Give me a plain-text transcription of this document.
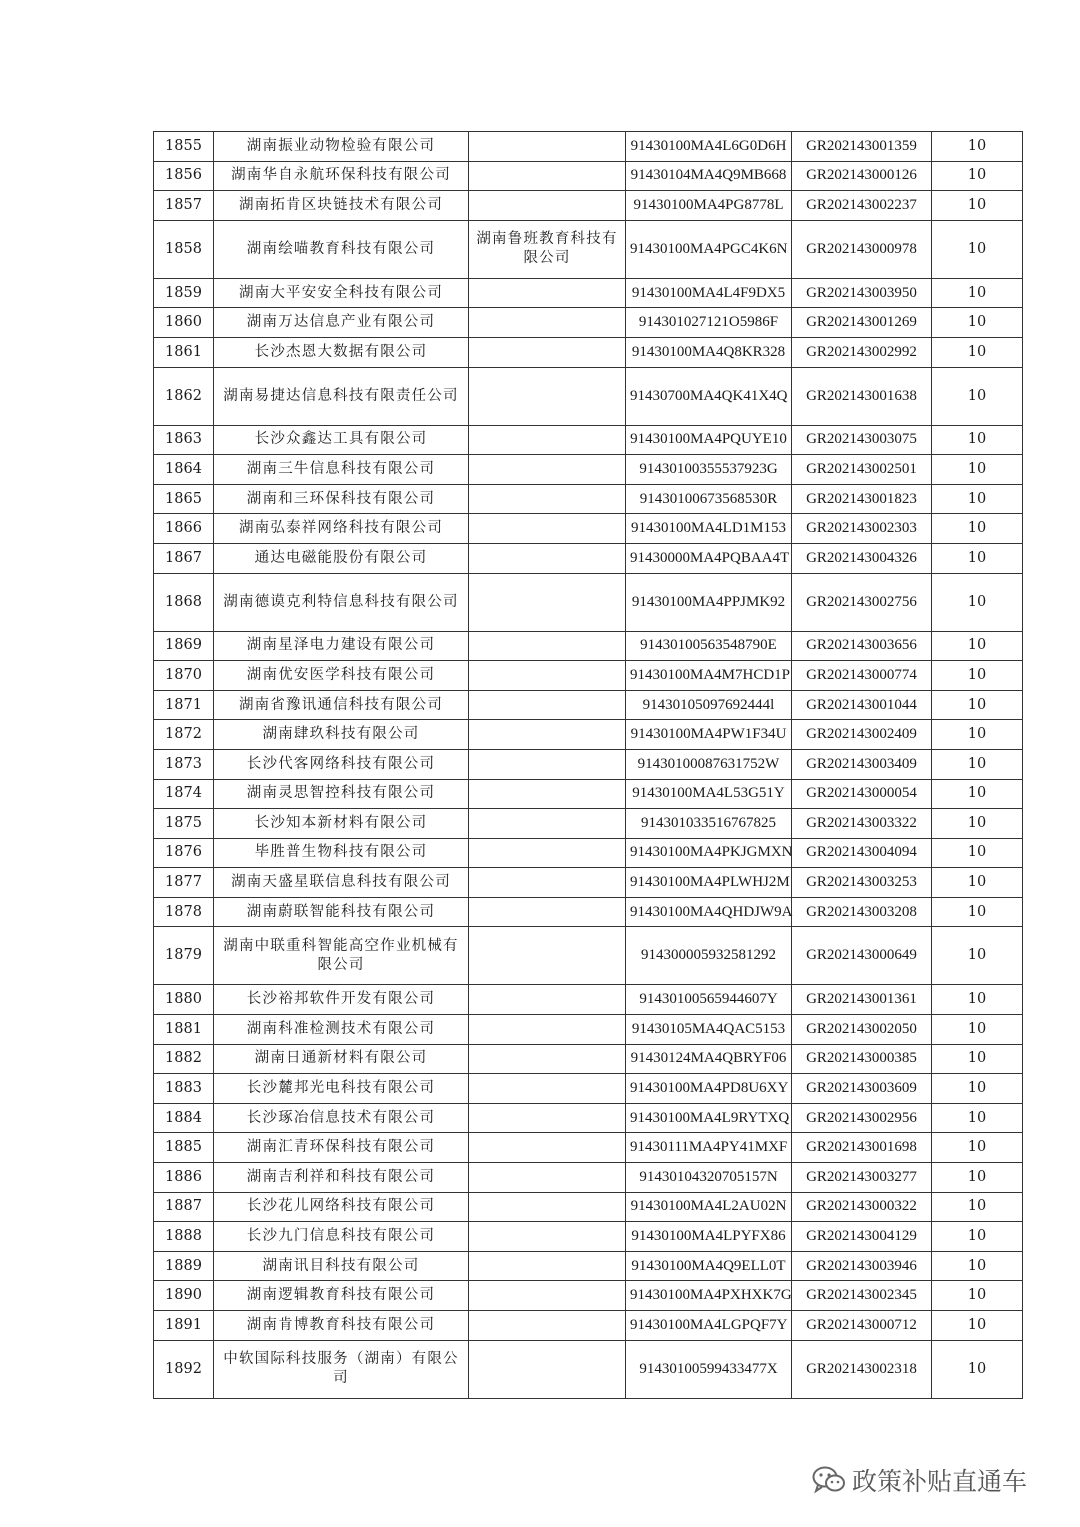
1855	湖南振业动物检验有限公司		91430100MA4L6G0D6H	GR202143001359	10
1856	湖南华自永航环保科技有限公司		91430104MA4Q9MB668	GR202143000126	10
1857	湖南拓肯区块链技术有限公司		91430100MA4PG8778L	GR202143002237	10
1858	湖南绘喵教育科技有限公司	湖南鲁班教育科技有限公司	91430100MA4PGC4K6N	GR202143000978	10
1859	湖南大平安安全科技有限公司		91430100MA4L4F9DX5	GR202143003950	10
1860	湖南万达信息产业有限公司		914301027121O5986F	GR202143001269	10
1861	长沙杰恩大数据有限公司		91430100MA4Q8KR328	GR202143002992	10
1862	湖南易捷达信息科技有限责任公司		91430700MA4QK41X4Q	GR202143001638	10
1863	长沙众鑫达工具有限公司		91430100MA4PQUYE10	GR202143003075	10
1864	湖南三牛信息科技有限公司		91430100355537923G	GR202143002501	10
1865	湖南和三环保科技有限公司		91430100673568530R	GR202143001823	10
1866	湖南弘泰祥网络科技有限公司		91430100MA4LD1M153	GR202143002303	10
1867	通达电磁能股份有限公司		91430000MA4PQBAA4T	GR202143004326	10
1868	湖南德谟克利特信息科技有限公司		91430100MA4PPJMK92	GR202143002756	10
1869	湖南星泽电力建设有限公司		91430100563548790E	GR202143003656	10
1870	湖南优安医学科技有限公司		91430100MA4M7HCD1P	GR202143000774	10
1871	湖南省豫讯通信科技有限公司		91430105097692444l	GR202143001044	10
1872	湖南肆玖科技有限公司		91430100MA4PW1F34U	GR202143002409	10
1873	长沙代客网络科技有限公司		91430100087631752W	GR202143003409	10
1874	湖南灵思智控科技有限公司		91430100MA4L53G51Y	GR202143000054	10
1875	长沙知本新材料有限公司		914301033516767825	GR202143003322	10
1876	毕胜普生物科技有限公司		91430100MA4PKJGMXN	GR202143004094	10
1877	湖南天盛星联信息科技有限公司		91430100MA4PLWHJ2M	GR202143003253	10
1878	湖南蔚联智能科技有限公司		91430100MA4QHDJW9A	GR202143003208	10
1879	湖南中联重科智能高空作业机械有限公司		914300005932581292	GR202143000649	10
1880	长沙裕邦软件开发有限公司		91430100565944607Y	GR202143001361	10
1881	湖南科准检测技术有限公司		91430105MA4QAC5153	GR202143002050	10
1882	湖南日通新材料有限公司		91430124MA4QBRYF06	GR202143000385	10
1883	长沙麓邦光电科技有限公司		91430100MA4PD8U6XY	GR202143003609	10
1884	长沙琢冶信息技术有限公司		91430100MA4L9RYTXQ	GR202143002956	10
1885	湖南汇青环保科技有限公司		91430111MA4PY41MXF	GR202143001698	10
1886	湖南吉利祥和科技有限公司		91430104320705157N	GR202143003277	10
1887	长沙花儿网络科技有限公司		91430100MA4L2AU02N	GR202143000322	10
1888	长沙九门信息科技有限公司		91430100MA4LPYFX86	GR202143004129	10
1889	湖南讯目科技有限公司		91430100MA4Q9ELL0T	GR202143003946	10
1890	湖南逻辑教育科技有限公司		91430100MA4PXHXK7G	GR202143002345	10
1891	湖南肯博教育科技有限公司		91430100MA4LGPQF7Y	GR202143000712	10
1892	中软国际科技服务（湖南）有限公司		91430100599433477X	GR202143002318	10
政策补贴直通车
